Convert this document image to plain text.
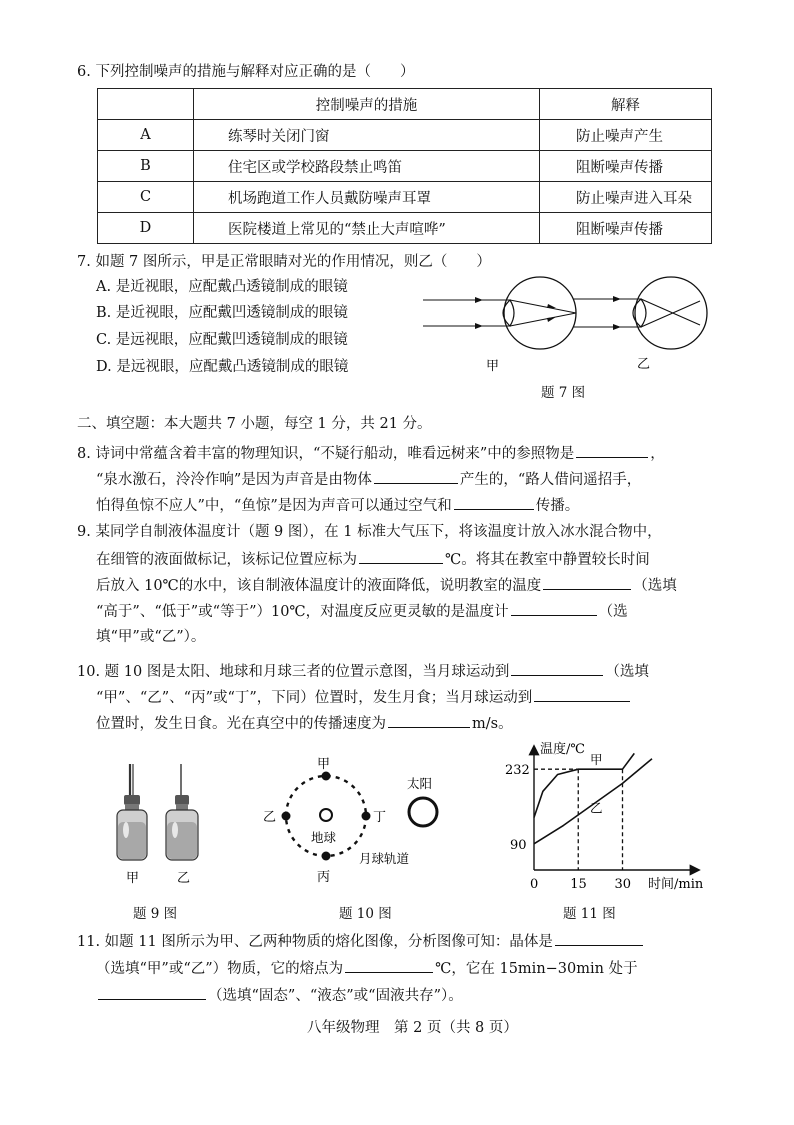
6. 下列控制噪声的措施与解释对应正确的是（　　）
	控制噪声的措施	解释
A	练琴时关闭门窗	防止噪声产生
B	住宅区或学校路段禁止鸣笛	阻断噪声传播
C	机场跑道工作人员戴防噪声耳罩	防止噪声进入耳朵
D	医院楼道上常见的“禁止大声喧哗”	阻断噪声传播
7. 如题 7 图所示，甲是正常眼睛对光的作用情况，则乙（　　）
A. 是近视眼，应配戴凸透镜制成的眼镜
B. 是近视眼，应配戴凹透镜制成的眼镜
C. 是远视眼，应配戴凹透镜制成的眼镜
D. 是远视眼，应配戴凸透镜制成的眼镜	甲	乙
题 7 图
二、填空题：本大题共 7 小题，每空 1 分，共 21 分。
8. 诗词中常蕴含着丰富的物理知识，“不疑行船动，唯看远树来”中的参照物是	，
“泉水激石，泠泠作响”是因为声音是由物体	产生的，“路人借问遥招手，
怕得鱼惊不应人”中，“鱼惊”是因为声音可以通过空气和	传播。
9. 某同学自制液体温度计（题 9 图），在 1 标准大气压下，将该温度计放入冰水混合物中，
在细管的液面做标记，该标记位置应标为	℃。将其在教室中静置较长时间
后放入 10℃的水中，该自制液体温度计的液面降低，说明教室的温度	（选填
“高于”、“低于”或“等于”）10℃，对温度反应更灵敏的是温度计	（选
填“甲”或“乙”）。
10. 题 10 图是太阳、地球和月球三者的位置示意图，当月球运动到	（选填
“甲”、“乙”、“丙”或“丁”，下同）位置时，发生月食；当月球运动到
位置时，发生日食。光在真空中的传播速度为	m/s。
甲	乙
题 9 图
甲
乙	丁
丙
地球
太阳
月球轨道
题 10 图
温度/℃
时间/min
232
90
0 15 30
甲
乙
题 11 图
11. 如题 11 图所示为甲、乙两种物质的熔化图像，分析图像可知：晶体是
（选填“甲”或“乙”）物质，它的熔点为	℃，它在 15min−30min 处于
（选填“固态”、“液态”或“固液共存”）。
八年级物理　第 2 页（共 8 页）
